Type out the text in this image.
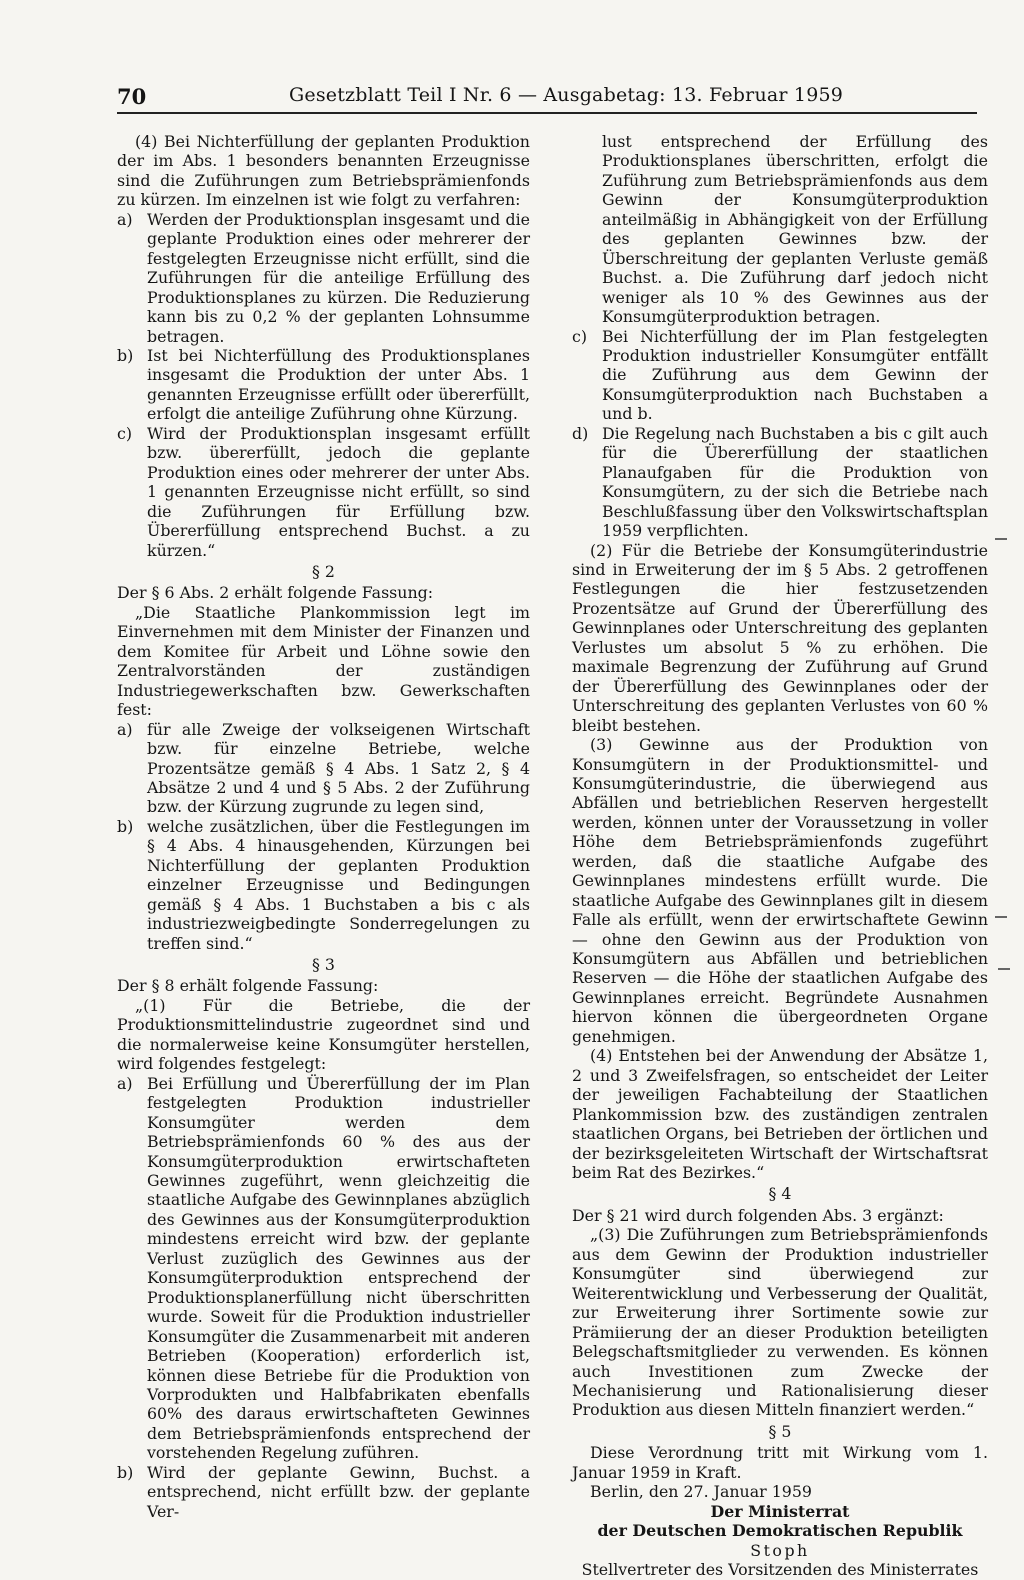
70	Gesetzblatt Teil I Nr. 6 — Ausgabetag: 13. Februar 1959

(4) Bei Nichterfüllung der geplanten Produktion der im Abs. 1 besonders benannten Erzeugnisse sind die Zuführungen zum Betriebsprämienfonds zu kürzen. Im einzelnen ist wie folgt zu verfahren:

a) Werden der Produktionsplan insgesamt und die geplante Produktion eines oder mehrerer der festgelegten Erzeugnisse nicht erfüllt, sind die Zuführungen für die anteilige Erfüllung des Produktionsplanes zu kürzen. Die Reduzierung kann bis zu 0,2 % der geplanten Lohnsumme betragen.
b) Ist bei Nichterfüllung des Produktionsplanes insgesamt die Produktion der unter Abs. 1 genannten Erzeugnisse erfüllt oder übererfüllt, erfolgt die anteilige Zuführung ohne Kürzung.
c) Wird der Produktionsplan insgesamt erfüllt bzw. übererfüllt, jedoch die geplante Produktion eines oder mehrerer der unter Abs. 1 genannten Erzeugnisse nicht erfüllt, so sind die Zuführungen für Erfüllung bzw. Übererfüllung entsprechend Buchst. a zu kürzen.“

§ 2

Der § 6 Abs. 2 erhält folgende Fassung:

„Die Staatliche Plankommission legt im Einvernehmen mit dem Minister der Finanzen und dem Komitee für Arbeit und Löhne sowie den Zentralvorständen der zuständigen Industriegewerkschaften bzw. Gewerkschaften fest:

a) für alle Zweige der volkseigenen Wirtschaft bzw. für einzelne Betriebe, welche Prozentsätze gemäß § 4 Abs. 1 Satz 2, § 4 Absätze 2 und 4 und § 5 Abs. 2 der Zuführung bzw. der Kürzung zugrunde zu legen sind,
b) welche zusätzlichen, über die Festlegungen im § 4 Abs. 4 hinausgehenden, Kürzungen bei Nichterfüllung der geplanten Produktion einzelner Erzeugnisse und Bedingungen gemäß § 4 Abs. 1 Buchstaben a bis c als industriezweigbedingte Sonderregelungen zu treffen sind.“

§ 3

Der § 8 erhält folgende Fassung:

„(1) Für die Betriebe, die der Produktionsmittelindustrie zugeordnet sind und die normalerweise keine Konsumgüter herstellen, wird folgendes festgelegt:

a) Bei Erfüllung und Übererfüllung der im Plan festgelegten Produktion industrieller Konsumgüter werden dem Betriebsprämienfonds 60 % des aus der Konsumgüterproduktion erwirtschafteten Gewinnes zugeführt, wenn gleichzeitig die staatliche Aufgabe des Gewinnplanes abzüglich des Gewinnes aus der Konsumgüterproduktion mindestens erreicht wird bzw. der geplante Verlust zuzüglich des Gewinnes aus der Konsumgüterproduktion entsprechend der Produktionsplanerfüllung nicht überschritten wurde. Soweit für die Produktion industrieller Konsumgüter die Zusammenarbeit mit anderen Betrieben (Kooperation) erforderlich ist, können diese Betriebe für die Produktion von Vorprodukten und Halbfabrikaten ebenfalls 60% des daraus erwirtschafteten Gewinnes dem Betriebsprämienfonds entsprechend der vorstehenden Regelung zuführen.
b) Wird der geplante Gewinn, Buchst. a entsprechend, nicht erfüllt bzw. der geplante Ver-
lust entsprechend der Erfüllung des Produktionsplanes überschritten, erfolgt die Zuführung zum Betriebsprämienfonds aus dem Gewinn der Konsumgüterproduktion anteilmäßig in Abhängigkeit von der Erfüllung des geplanten Gewinnes bzw. der Überschreitung der geplanten Verluste gemäß Buchst. a. Die Zuführung darf jedoch nicht weniger als 10 % des Gewinnes aus der Konsumgüterproduktion betragen.
c) Bei Nichterfüllung der im Plan festgelegten Produktion industrieller Konsumgüter entfällt die Zuführung aus dem Gewinn der Konsumgüterproduktion nach Buchstaben a und b.
d) Die Regelung nach Buchstaben a bis c gilt auch für die Übererfüllung der staatlichen Planaufgaben für die Produktion von Konsumgütern, zu der sich die Betriebe nach Beschlußfassung über den Volkswirtschaftsplan 1959 verpflichten.

(2) Für die Betriebe der Konsumgüterindustrie sind in Erweiterung der im § 5 Abs. 2 getroffenen Festlegungen die hier festzusetzenden Prozentsätze auf Grund der Übererfüllung des Gewinnplanes oder Unterschreitung des geplanten Verlustes um absolut 5 % zu erhöhen. Die maximale Begrenzung der Zuführung auf Grund der Übererfüllung des Gewinnplanes oder der Unterschreitung des geplanten Verlustes von 60 % bleibt bestehen.

(3) Gewinne aus der Produktion von Konsumgütern in der Produktionsmittel- und Konsumgüterindustrie, die überwiegend aus Abfällen und betrieblichen Reserven hergestellt werden, können unter der Voraussetzung in voller Höhe dem Betriebsprämienfonds zugeführt werden, daß die staatliche Aufgabe des Gewinnplanes mindestens erfüllt wurde. Die staatliche Aufgabe des Gewinnplanes gilt in diesem Falle als erfüllt, wenn der erwirtschaftete Gewinn — ohne den Gewinn aus der Produktion von Konsumgütern aus Abfällen und betrieblichen Reserven — die Höhe der staatlichen Aufgabe des Gewinnplanes erreicht. Begründete Ausnahmen hiervon können die übergeordneten Organe genehmigen.

(4) Entstehen bei der Anwendung der Absätze 1, 2 und 3 Zweifelsfragen, so entscheidet der Leiter der jeweiligen Fachabteilung der Staatlichen Plankommission bzw. des zuständigen zentralen staatlichen Organs, bei Betrieben der örtlichen und der bezirksgeleiteten Wirtschaft der Wirtschaftsrat beim Rat des Bezirkes.“

§ 4

Der § 21 wird durch folgenden Abs. 3 ergänzt:

„(3) Die Zuführungen zum Betriebsprämienfonds aus dem Gewinn der Produktion industrieller Konsumgüter sind überwiegend zur Weiterentwicklung und Verbesserung der Qualität, zur Erweiterung ihrer Sortimente sowie zur Prämiierung der an dieser Produktion beteiligten Belegschaftsmitglieder zu verwenden. Es können auch Investitionen zum Zwecke der Mechanisierung und Rationalisierung dieser Produktion aus diesen Mitteln finanziert werden.“

§ 5

Diese Verordnung tritt mit Wirkung vom 1. Januar 1959 in Kraft.

Berlin, den 27. Januar 1959

Der Ministerrat

der Deutschen Demokratischen Republik

Stoph

Stellvertreter des Vorsitzenden des Ministerrates
